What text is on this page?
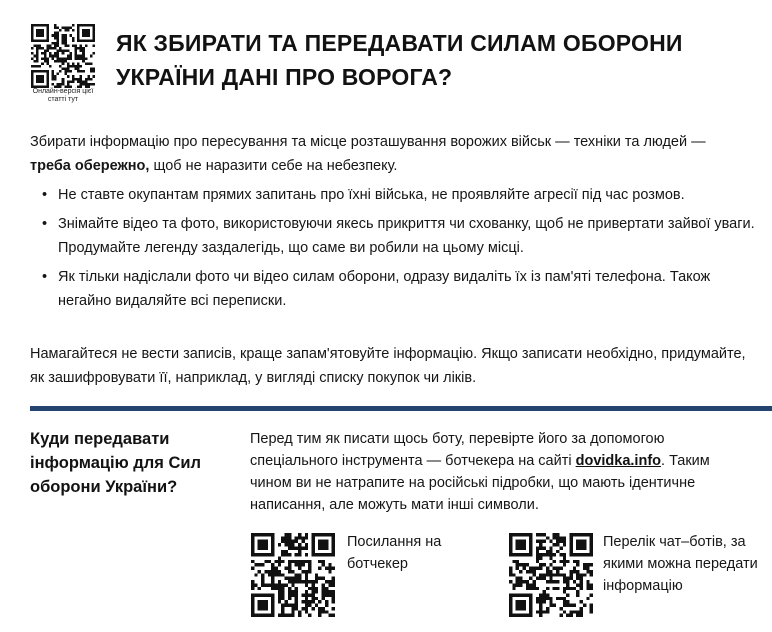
Онлайн-версія цієї статті тут
ЯК ЗБИРАТИ ТА ПЕРЕДАВАТИ СИЛАМ ОБОРОНИ УКРАЇНИ ДАНІ ПРО ВОРОГА?

Збирати інформацію про пересування та місце розташування ворожих військ — техніки та людей — треба обережно, щоб не наразити себе на небезпеку.

• Не ставте окупантам прямих запитань про їхні війська, не проявляйте агресії під час розмов.
• Знімайте відео та фото, використовуючи якесь прикриття чи схованку, щоб не привертати зайвої уваги. Продумайте легенду заздалегідь, що саме ви робили на цьому місці.
• Як тільки надіслали фото чи відео силам оборони, одразу видаліть їх із пам'яті телефона. Також негайно видаляйте всі переписки.

Намагайтеся не вести записів, краще запам'ятовуйте інформацію. Якщо записати необхідно, придумайте, як зашифровувати її, наприклад, у вигляді списку покупок чи ліків.

Куди передавати інформацію для Сил оборони України?

Перед тим як писати щось боту, перевірте його за допомогою спеціального інструмента — ботчекера на сайті dovidka.info. Таким чином ви не натрапите на російські підробки, що мають ідентичне написання, але можуть мати інші символи.

Посилання на ботчекер

Перелік чат–ботів, за якими можна передати інформацію
